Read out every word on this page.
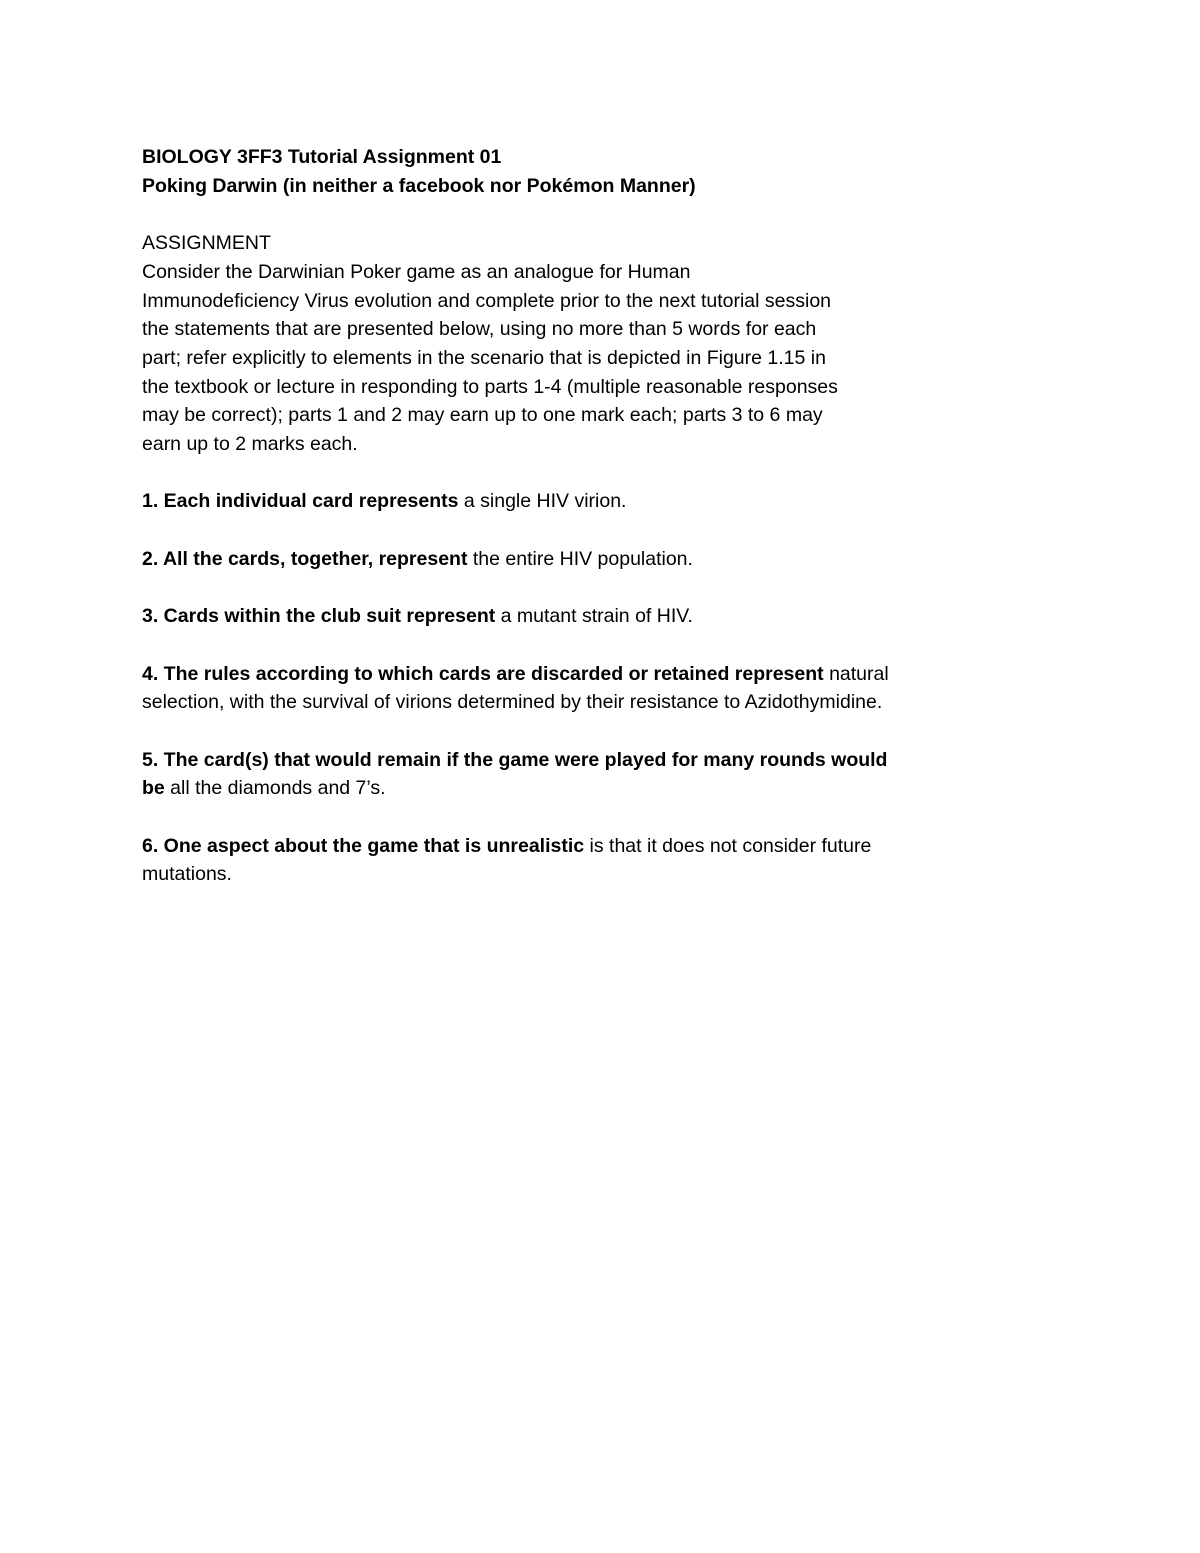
BIOLOGY 3FF3 Tutorial Assignment 01

Poking Darwin (in neither a facebook nor Pokémon Manner)

ASSIGNMENT

Consider the Darwinian Poker game as an analogue for Human

Immunodeficiency Virus evolution and complete prior to the next tutorial session

the statements that are presented below, using no more than 5 words for each

part; refer explicitly to elements in the scenario that is depicted in Figure 1.15 in

the textbook or lecture in responding to parts 1-4 (multiple reasonable responses

may be correct); parts 1 and 2 may earn up to one mark each; parts 3 to 6 may

earn up to 2 marks each.

1. Each individual card represents a single HIV virion.
2. All the cards, together, represent the entire HIV population.
3. Cards within the club suit represent a mutant strain of HIV.
4. The rules according to which cards are discarded or retained represent natural
selection, with the survival of virions determined by their resistance to Azidothymidine.
5. The card(s) that would remain if the game were played for many rounds would
be all the diamonds and 7’s.
6. One aspect about the game that is unrealistic is that it does not consider future
mutations.
